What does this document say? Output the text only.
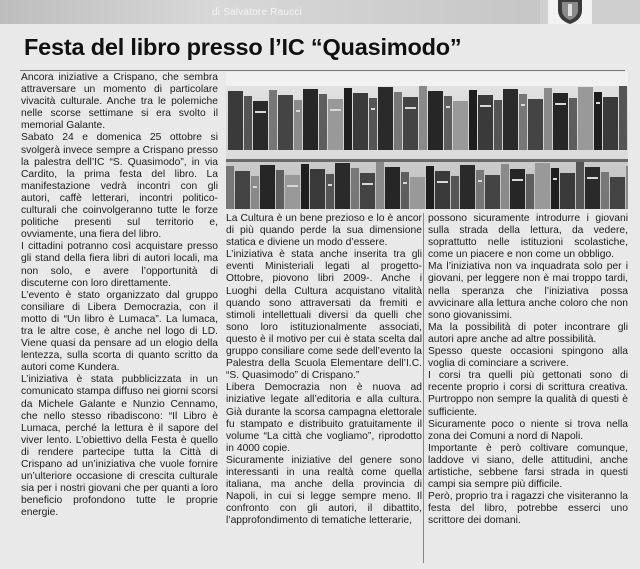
di Salvatore Raucci
Festa del libro presso l’IC “Quasimodo”

Ancora iniziative a Crispano, che sembra attraversare un momento di particolare vivacità culturale. Anche tra le polemiche nelle scorse settimane si era svolto il memorial Galante.

Sabato 24 e domenica 25 ottobre si svolgerà invece sempre a Crispano presso la palestra dell’IC “S. Quasimodo”, in via Cardito, la prima festa del libro. La manifestazione vedrà incontri con gli autori, caffè letterari, incontri politico-culturali che coinvolgeranno tutte le forze politiche presenti sul territorio e, ovviamente, una fiera del libro.

I cittadini potranno così acquistare presso gli stand della fiera libri di autori locali, ma non solo, e avere l’opportunità di discuterne con loro direttamente.

L’evento è stato organizzato dal gruppo consiliare di Libera Democrazia, con il motto di “Un libro è Lumaca”. La lumaca, tra le altre cose, è anche nel logo di LD. Viene quasi da pensare ad un elogio della lentezza, sulla scorta di quanto scritto da autori come Kundera.

L’iniziativa è stata pubblicizzata in un comunicato stampa diffuso nei giorni scorsi da Michele Galante e Nunzio Cennamo, che nello stesso ribadiscono: “Il Libro è Lumaca, perché la lettura è il sapore del viver lento. L’obiettivo della Festa è quello di rendere partecipe tutta la Città di Crispano ad un’iniziativa che vuole fornire un’ulteriore occasione di crescita culturale sia per i nostri giovani che per quanti a loro beneficio profondono tutte le proprie energie.

La Cultura è un bene prezioso e lo è ancor di più quando perde la sua dimensione statica e diviene un modo d’essere.

L’iniziativa è stata anche inserita tra gli eventi Ministeriali legati al progetto-Ottobre, piovono libri 2009-. Anche i Luoghi della Cultura acquistano vitalità quando sono attraversati da fremiti e stimoli intellettuali diversi da quelli che sono loro istituzionalmente associati, questo è il motivo per cui è stata scelta dal gruppo consiliare come sede dell’evento la Palestra della Scuola Elementare dell’I.C. “S. Quasimodo” di Crispano.”

Libera Democrazia non è nuova ad iniziative legate all’editoria e alla cultura. Già durante la scorsa campagna elettorale fu stampato e distribuito gratuitamente il volume “La città che vogliamo”, riprodotto in 4000 copie.

Sicuramente iniziative del genere sono interessanti in una realtà come quella italiana, ma anche della provincia di Napoli, in cui si legge sempre meno. Il confronto con gli autori, il dibattito, l’approfondimento di tematiche letterarie,

possono sicuramente introdurre i giovani sulla strada della lettura, da vedere, soprattutto nelle istituzioni scolastiche, come un piacere e non come un obbligo.

Ma l’iniziativa non va inquadrata solo per i giovani, per leggere non è mai troppo tardi, nella speranza che l’iniziativa possa avvicinare alla lettura anche coloro che non sono giovanissimi.

Ma la possibilità di poter incontrare gli autori apre anche ad altre possibilità.

Spesso queste occasioni spingono alla voglia di cominciare a scrivere.

I corsi tra quelli più gettonati sono di recente proprio i corsi di scrittura creativa. Purtroppo non sempre la qualità di questi è sufficiente.

Sicuramente poco o niente si trova nella zona dei Comuni a nord di Napoli.

Importante è però coltivare comunque, laddove vi siano, delle attitudini, anche artistiche, sebbene farsi strada in questi campi sia sempre più difficile.

Però, proprio tra i ragazzi che visiteranno la festa del libro, potrebbe esserci uno scrittore dei domani.
